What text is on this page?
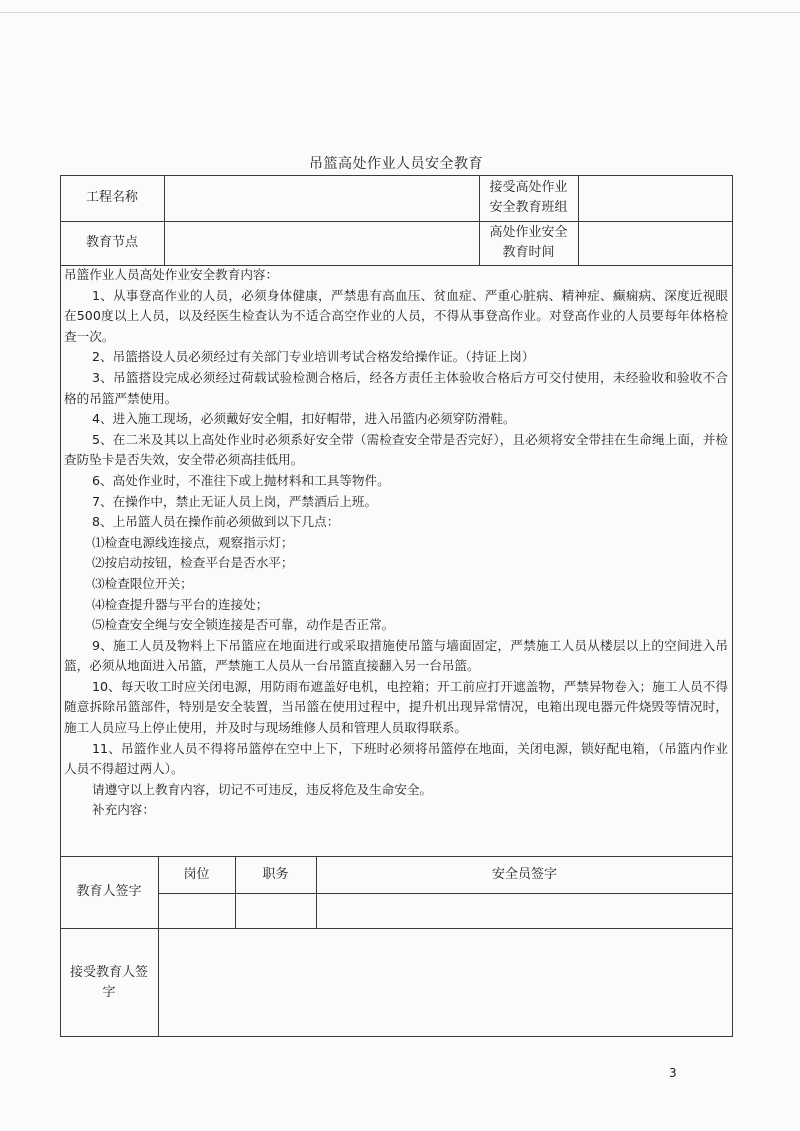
吊篮高处作业人员安全教育
工程名称
接受高处作业
安全教育班组
教育节点
高处作业安全
教育时间
吊篮作业人员高处作业安全教育内容：
1、从事登高作业的人员，必须身体健康，严禁患有高血压、贫血症、严重心脏病、精神症、癫痫病、深度近视眼在500度以上人员，以及经医生检查认为不适合高空作业的人员，不得从事登高作业。对登高作业的人员要每年体格检查一次。
2、吊篮搭设人员必须经过有关部门专业培训考试合格发给操作证。（持证上岗）
3、吊篮搭设完成必须经过荷载试验检测合格后，经各方责任主体验收合格后方可交付使用，未经验收和验收不合格的吊篮严禁使用。
4、进入施工现场，必须戴好安全帽，扣好帽带，进入吊篮内必须穿防滑鞋。
5、在二米及其以上高处作业时必须系好安全带（需检查安全带是否完好），且必须将安全带挂在生命绳上面，并检查防坠卡是否失效，安全带必须高挂低用。
6、高处作业时，不准往下或上抛材料和工具等物件。
7、在操作中，禁止无证人员上岗，严禁酒后上班。
8、上吊篮人员在操作前必须做到以下几点：
⑴检查电源线连接点，观察指示灯；
⑵按启动按钮，检查平台是否水平；
⑶检查限位开关；
⑷检查提升器与平台的连接处；
⑸检查安全绳与安全锁连接是否可靠，动作是否正常。
9、施工人员及物料上下吊篮应在地面进行或采取措施使吊篮与墙面固定，严禁施工人员从楼层以上的空间进入吊篮，必须从地面进入吊篮，严禁施工人员从一台吊篮直接翻入另一台吊篮。
10、每天收工时应关闭电源，用防雨布遮盖好电机，电控箱；开工前应打开遮盖物，严禁异物卷入；施工人员不得随意拆除吊篮部件，特别是安全装置，当吊篮在使用过程中，提升机出现异常情况，电箱出现电器元件烧毁等情况时，施工人员应马上停止使用，并及时与现场维修人员和管理人员取得联系。
11、吊篮作业人员不得将吊篮停在空中上下，下班时必须将吊篮停在地面，关闭电源，锁好配电箱，（吊篮内作业人员不得超过两人）。
请遵守以上教育内容，切记不可违反，违反将危及生命安全。
补充内容：
教育人签字
岗位	职务	安全员签字
接受教育人签
字
3
